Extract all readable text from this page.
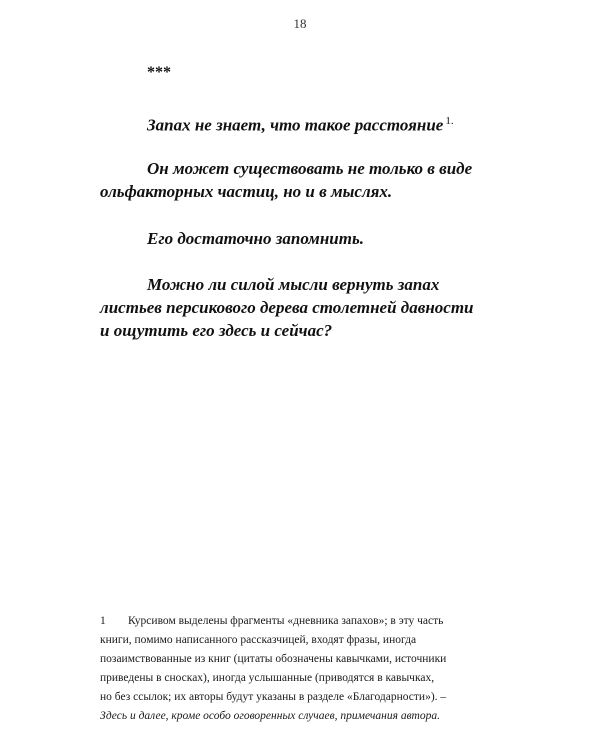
18
***
Запах не знает, что такое расстояние $^{1.}$
Он может существовать не только в виде
ольфакторных частиц, но и в мыслях.
Его достаточно запомнить.
Можно ли силой мысли вернуть запах
листьев персикового дерева столетней давности
и ощутить его здесь и сейчас?
1 Курсивом выделены фрагменты «дневника запахов»; в эту часть
книги, помимо написанного рассказчицей, входят фразы, иногда
позаимствованные из книг (цитаты обозначены кавычками, источники
приведены в сносках), иногда услышанные (приводятся в кавычках,
но без ссылок; их авторы будут указаны в разделе «Благодарности»). –
Здесь и далее, кроме особо оговоренных случаев, примечания автора.
